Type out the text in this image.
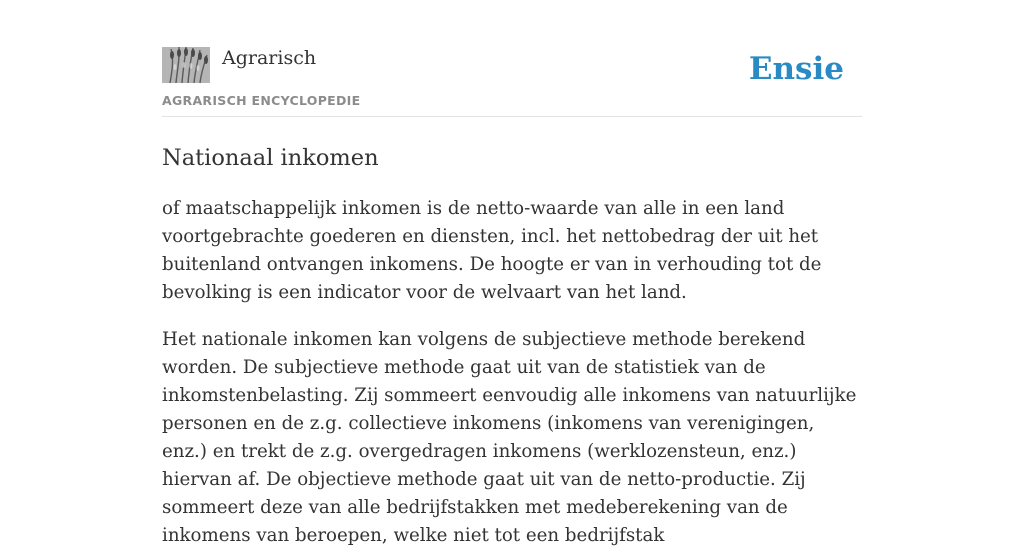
Agrarisch

AGRARISCH ENCYCLOPEDIE
Ensie
Nationaal inkomen

of maatschappelijk inkomen is de netto-waarde van alle in een land voortgebrachte goederen en diensten, incl. het nettobedrag der uit het buitenland ontvangen inkomens. De hoogte er van in verhouding tot de bevolking is een indicator voor de welvaart van het land.

Het nationale inkomen kan volgens de subjectieve methode berekend worden. De subjectieve methode gaat uit van de statistiek van de inkomstenbelasting. Zij sommeert eenvoudig alle inkomens van natuurlijke personen en de z.g. collectieve inkomens (inkomens van verenigingen, enz.) en trekt de z.g. overgedragen inkomens (werklozensteun, enz.) hiervan af. De objectieve methode gaat uit van de netto-productie. Zij sommeert deze van alle bedrijfstakken met medeberekening van de inkomens van beroepen, welke niet tot een bedrijfstak
